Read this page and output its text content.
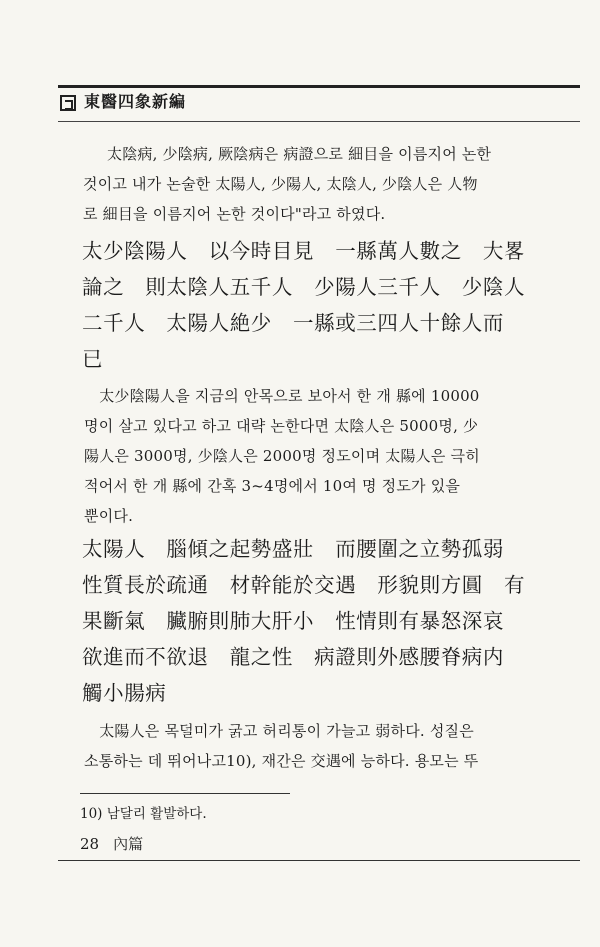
東醫四象新編
太陰病, 少陰病, 厥陰病은 病證으로 細目을 이름지어 논한
것이고 내가 논술한 太陽人, 少陽人, 太陰人, 少陰人은 人物
로 細目을 이름지어 논한 것이다"라고 하였다.
太少陰陽人　以今時目見　一縣萬人數之　大畧
論之　則太陰人五千人　少陽人三千人　少陰人
二千人　太陽人絶少　一縣或三四人十餘人而
已
　太少陰陽人을 지금의 안목으로 보아서 한 개 縣에 10000
명이 살고 있다고 하고 대략 논한다면 太陰人은 5000명, 少
陽人은 3000명, 少陰人은 2000명 정도이며 太陽人은 극히
적어서 한 개 縣에 간혹 3~4명에서 10여 명 정도가 있을
뿐이다.
太陽人　腦傾之起勢盛壯　而腰圍之立勢孤弱
性質長於疏通　材幹能於交遇　形貌則方圓　有
果斷氣　臟腑則肺大肝小　性情則有暴怒深哀
欲進而不欲退　龍之性　病證則外感腰脊病内
觸小腸病
　太陽人은 목덜미가 굵고 허리통이 가늘고 弱하다. 성질은
소통하는 데 뛰어나고10), 재간은 交遇에 능하다. 용모는 뚜
10) 남달리 활발하다.
28 內篇
